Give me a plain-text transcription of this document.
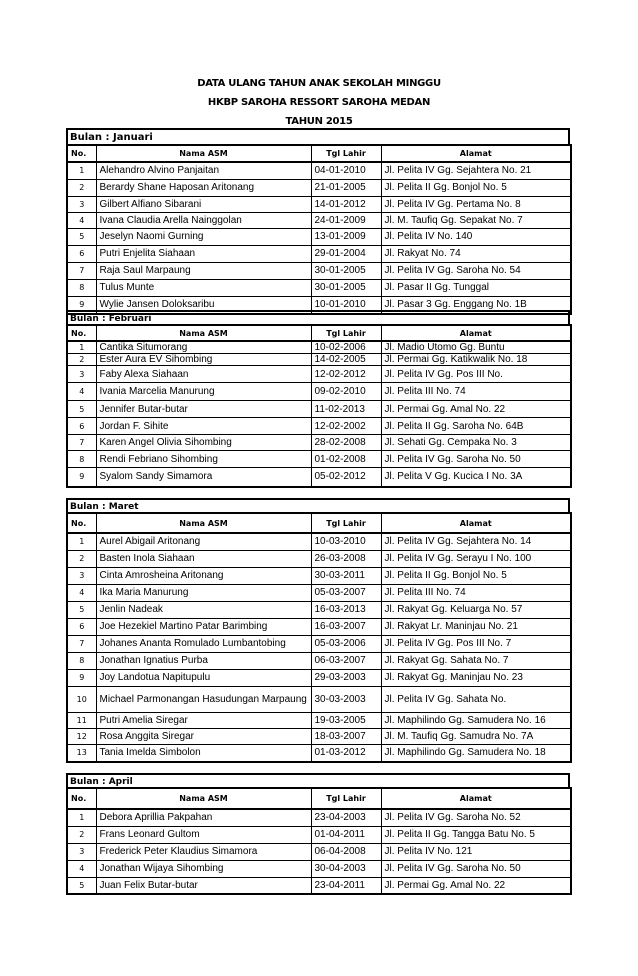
DATA ULANG TAHUN ANAK SEKOLAH MINGGU
HKBP SAROHA RESSORT SAROHA MEDAN
TAHUN 2015
Bulan : Januari
No.	Nama ASM	Tgl Lahir	Alamat
1	Alehandro Alvino Panjaitan	04-01-2010	Jl. Pelita IV Gg. Sejahtera No. 21
2	Berardy Shane Haposan Aritonang	21-01-2005	Jl. Pelita II Gg. Bonjol No. 5
3	Gilbert Alfiano Sibarani	14-01-2012	Jl. Pelita IV Gg. Pertama No. 8
4	Ivana Claudia Arella Nainggolan	24-01-2009	Jl. M. Taufiq Gg. Sepakat No. 7
5	Jeselyn Naomi Gurning	13-01-2009	Jl. Pelita IV No. 140
6	Putri Enjelita Siahaan	29-01-2004	Jl. Rakyat No. 74
7	Raja Saul Marpaung	30-01-2005	Jl. Pelita IV Gg. Saroha No. 54
8	Tulus Munte	30-01-2005	Jl. Pasar II Gg. Tunggal
9	Wylie Jansen Doloksaribu	10-01-2010	Jl. Pasar 3 Gg. Enggang No. 1B
Bulan : Februari
No.	Nama ASM	Tgl Lahir	Alamat
1	Cantika Situmorang	10-02-2006	Jl. Madio Utomo Gg. Buntu
2	Ester Aura EV Sihombing	14-02-2005	Jl. Permai Gg. Katikwalik No. 18
3	Faby Alexa Siahaan	12-02-2012	Jl. Pelita IV Gg. Pos III No.
4	Ivania Marcelia Manurung	09-02-2010	Jl. Pelita III No. 74
5	Jennifer Butar-butar	11-02-2013	Jl. Permai Gg. Amal No. 22
6	Jordan F. Sihite	12-02-2002	Jl. Pelita II Gg. Saroha No. 64B
7	Karen Angel Olivia Sihombing	28-02-2008	Jl. Sehati Gg. Cempaka No. 3
8	Rendi Febriano Sihombing	01-02-2008	Jl. Pelita IV Gg. Saroha No. 50
9	Syalom Sandy Simamora	05-02-2012	Jl. Pelita V Gg. Kucica I No. 3A
Bulan : Maret
No.	Nama ASM	Tgl Lahir	Alamat
1	Aurel Abigail Aritonang	10-03-2010	Jl. Pelita IV Gg. Sejahtera No. 14
2	Basten Inola Siahaan	26-03-2008	Jl. Pelita IV Gg. Serayu I No. 100
3	Cinta Amrosheina Aritonang	30-03-2011	Jl. Pelita II Gg. Bonjol No. 5
4	Ika Maria Manurung	05-03-2007	Jl. Pelita III No. 74
5	Jenlin Nadeak	16-03-2013	Jl. Rakyat Gg. Keluarga No. 57
6	Joe Hezekiel Martino Patar Barimbing	16-03-2007	Jl. Rakyat Lr. Maninjau No. 21
7	Johanes Ananta Romulado Lumbantobing	05-03-2006	Jl. Pelita IV Gg. Pos III No. 7
8	Jonathan Ignatius Purba	06-03-2007	Jl. Rakyat Gg. Sahata No. 7
9	Joy Landotua Napitupulu	29-03-2003	Jl. Rakyat Gg. Maninjau No. 23
10	Michael Parmonangan Hasudungan Marpaung	30-03-2003	Jl. Pelita IV Gg. Sahata No.
11	Putri Amelia Siregar	19-03-2005	Jl. Maphilindo Gg. Samudera No. 16
12	Rosa Anggita Siregar	18-03-2007	Jl. M. Taufiq Gg. Samudra No. 7A
13	Tania Imelda Simbolon	01-03-2012	Jl. Maphilindo Gg. Samudera No. 18
Bulan : April
No.	Nama ASM	Tgl Lahir	Alamat
1	Debora Aprillia Pakpahan	23-04-2003	Jl. Pelita IV Gg. Saroha No. 52
2	Frans Leonard Gultom	01-04-2011	Jl. Pelita II Gg. Tangga Batu No. 5
3	Frederick Peter Klaudius Simamora	06-04-2008	Jl. Pelita IV No. 121
4	Jonathan Wijaya Sihombing	30-04-2003	Jl. Pelita IV Gg. Saroha No. 50
5	Juan Felix Butar-butar	23-04-2011	Jl. Permai Gg. Amal No. 22
